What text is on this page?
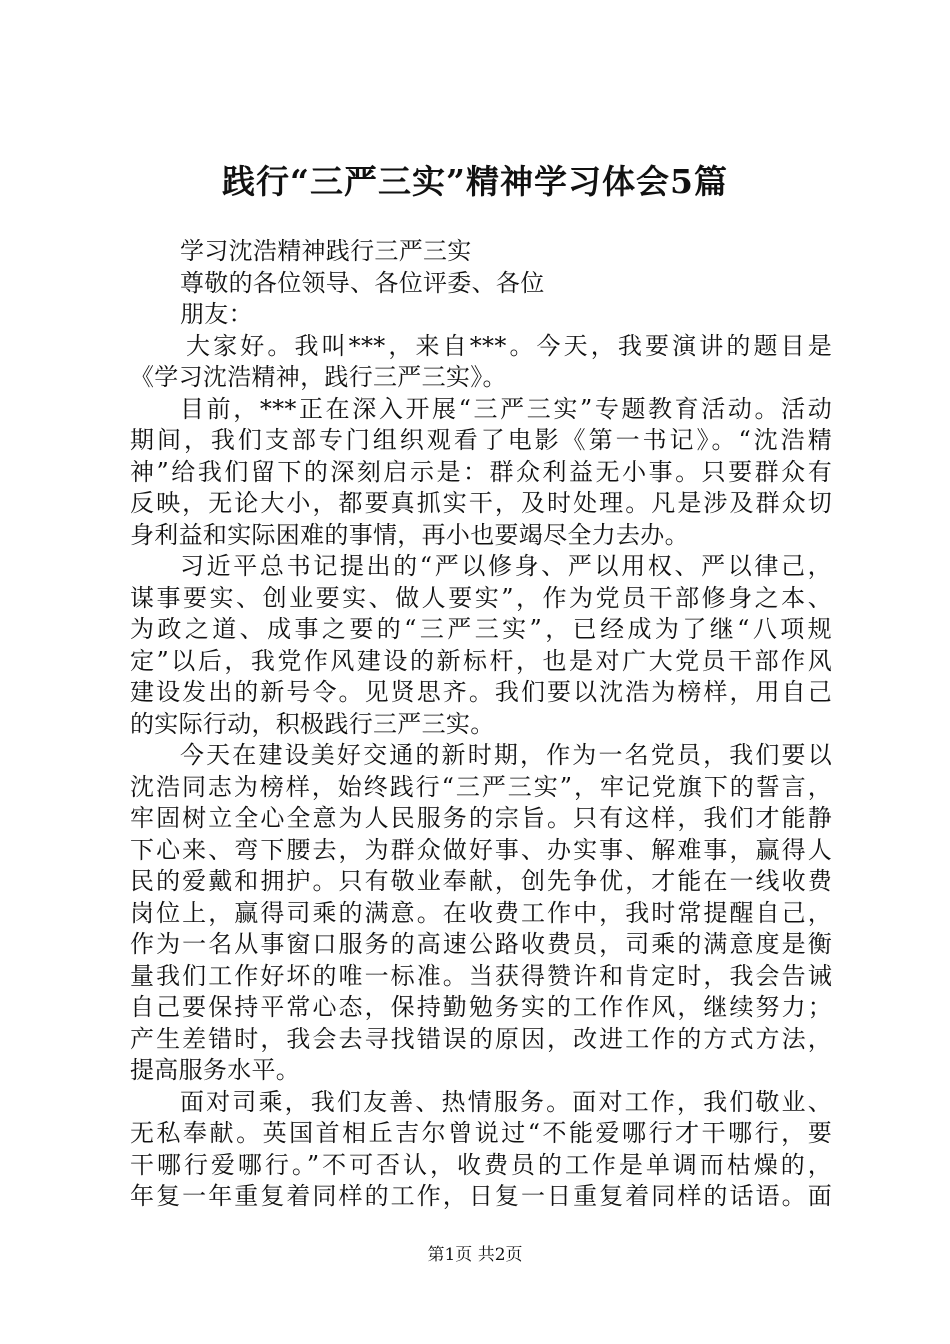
践行“三严三实”精神学习体会5篇
学习沈浩精神践行三严三实
尊敬的各位领导、各位评委、各位
朋友：
大家好。我叫***，来自***。今天，我要演讲的题目是
《学习沈浩精神，践行三严三实》。
目前，***正在深入开展“三严三实”专题教育活动。活动
期间，我们支部专门组织观看了电影《第一书记》。“沈浩精
神”给我们留下的深刻启示是：群众利益无小事。只要群众有
反映，无论大小，都要真抓实干，及时处理。凡是涉及群众切
身利益和实际困难的事情，再小也要竭尽全力去办。
习近平总书记提出的“严以修身、严以用权、严以律己，
谋事要实、创业要实、做人要实”，作为党员干部修身之本、
为政之道、成事之要的“三严三实”，已经成为了继“八项规
定”以后，我党作风建设的新标杆，也是对广大党员干部作风
建设发出的新号令。见贤思齐。我们要以沈浩为榜样，用自己
的实际行动，积极践行三严三实。
今天在建设美好交通的新时期，作为一名党员，我们要以
沈浩同志为榜样，始终践行“三严三实”，牢记党旗下的誓言，
牢固树立全心全意为人民服务的宗旨。只有这样，我们才能静
下心来、弯下腰去，为群众做好事、办实事、解难事，赢得人
民的爱戴和拥护。只有敬业奉献，创先争优，才能在一线收费
岗位上，赢得司乘的满意。在收费工作中，我时常提醒自己，
作为一名从事窗口服务的高速公路收费员，司乘的满意度是衡
量我们工作好坏的唯一标准。当获得赞许和肯定时，我会告诫
自己要保持平常心态，保持勤勉务实的工作作风，继续努力；
产生差错时，我会去寻找错误的原因，改进工作的方式方法，
提高服务水平。
面对司乘，我们友善、热情服务。面对工作，我们敬业、
无私奉献。英国首相丘吉尔曾说过“不能爱哪行才干哪行，要
干哪行爱哪行。”不可否认，收费员的工作是单调而枯燥的，
年复一年重复着同样的工作，日复一日重复着同样的话语。面
第1页 共2页
